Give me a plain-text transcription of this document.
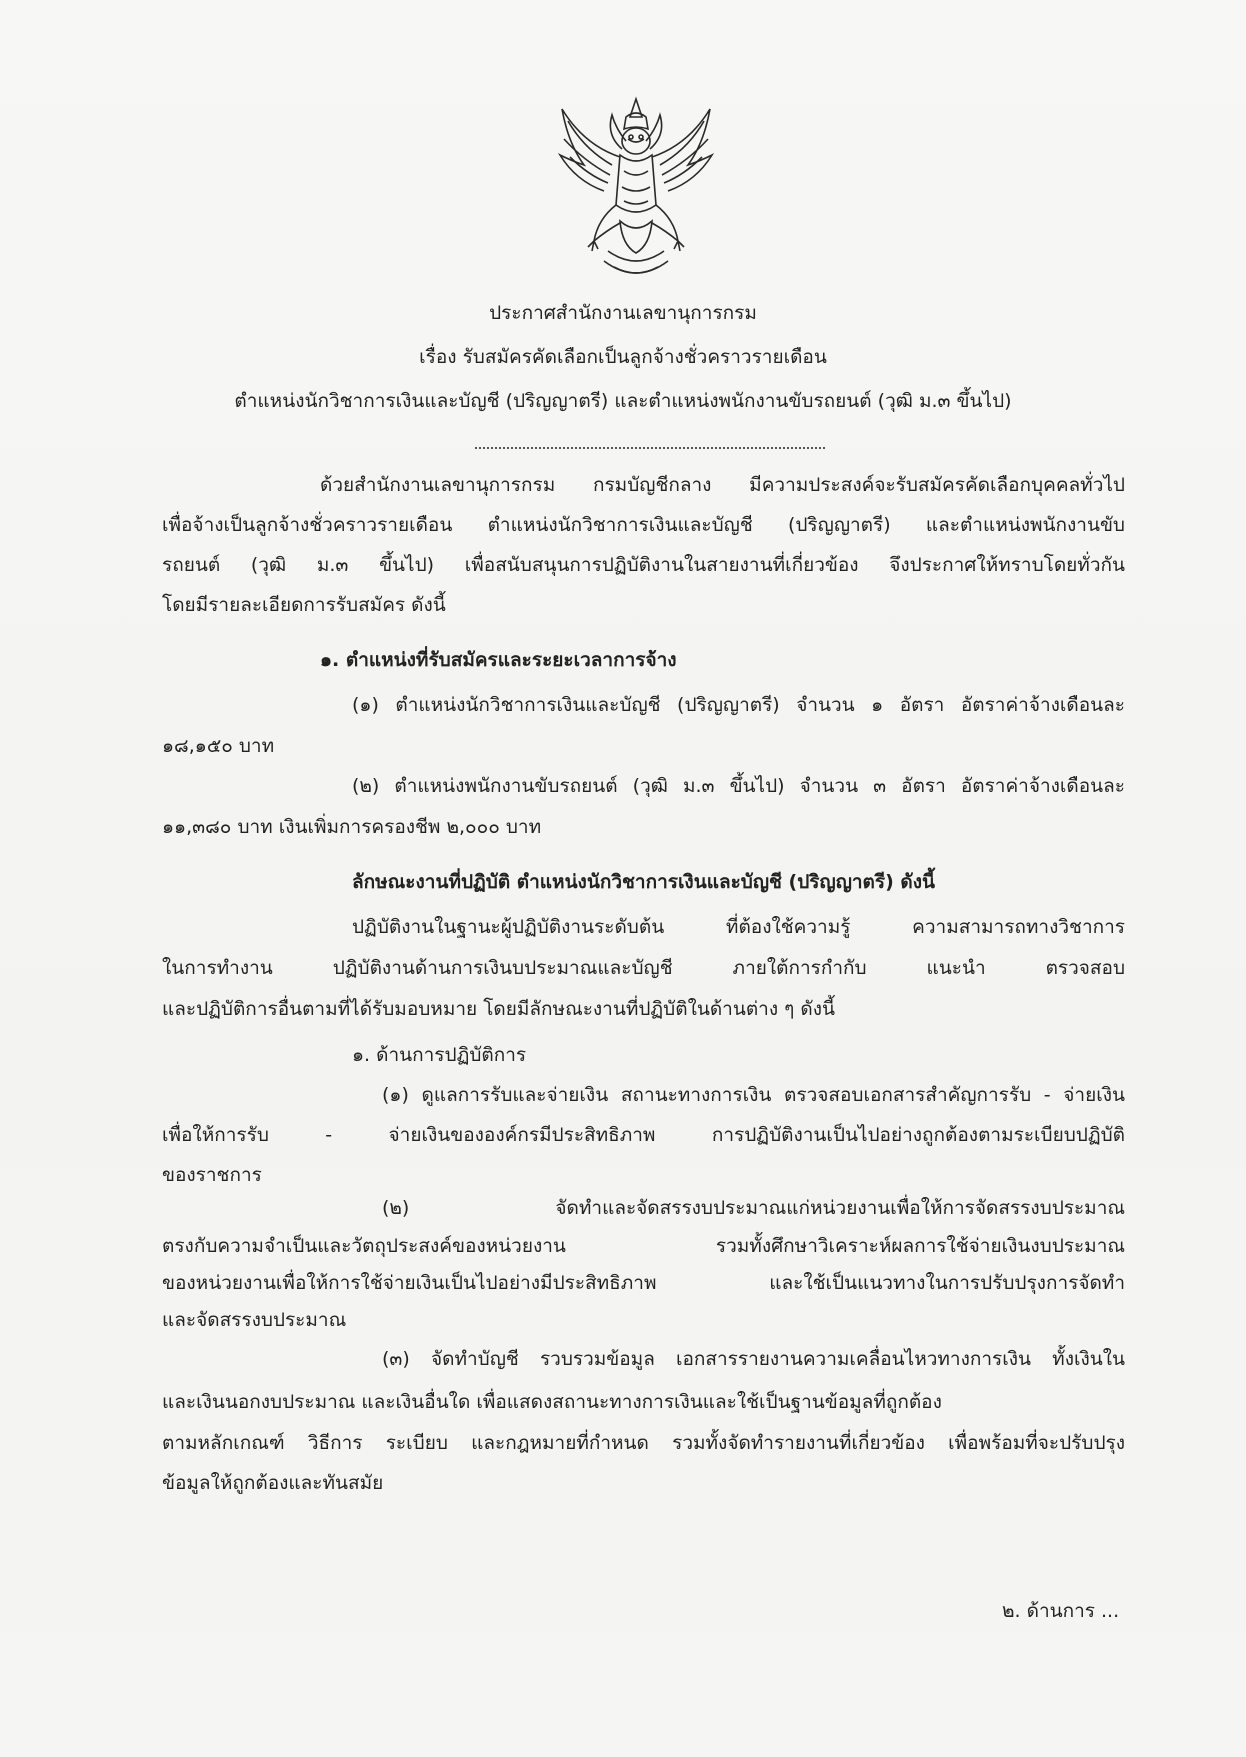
ประกาศสำนักงานเลขานุการกรม
เรื่อง รับสมัครคัดเลือกเป็นลูกจ้างชั่วคราวรายเดือน
ตำแหน่งนักวิชาการเงินและบัญชี (ปริญญาตรี) และตำแหน่งพนักงานขับรถยนต์ (วุฒิ ม.๓ ขึ้นไป)
ด้วยสำนักงานเลขานุการกรม กรมบัญชีกลาง มีความประสงค์จะรับสมัครคัดเลือกบุคคลทั่วไป
เพื่อจ้างเป็นลูกจ้างชั่วคราวรายเดือน ตำแหน่งนักวิชาการเงินและบัญชี (ปริญญาตรี) และตำแหน่งพนักงานขับ
รถยนต์ (วุฒิ ม.๓ ขึ้นไป) เพื่อสนับสนุนการปฏิบัติงานในสายงานที่เกี่ยวข้อง จึงประกาศให้ทราบโดยทั่วกัน
โดยมีรายละเอียดการรับสมัคร ดังนี้
๑. ตำแหน่งที่รับสมัครและระยะเวลาการจ้าง
(๑) ตำแหน่งนักวิชาการเงินและบัญชี (ปริญญาตรี) จำนวน ๑ อัตรา อัตราค่าจ้างเดือนละ
๑๘,๑๕๐ บาท
(๒) ตำแหน่งพนักงานขับรถยนต์ (วุฒิ ม.๓ ขึ้นไป) จำนวน ๓ อัตรา อัตราค่าจ้างเดือนละ
๑๑,๓๘๐ บาท เงินเพิ่มการครองชีพ ๒,๐๐๐ บาท
ลักษณะงานที่ปฏิบัติ ตำแหน่งนักวิชาการเงินและบัญชี (ปริญญาตรี) ดังนี้
ปฏิบัติงานในฐานะผู้ปฏิบัติงานระดับต้น ที่ต้องใช้ความรู้ ความสามารถทางวิชาการ
ในการทำงาน ปฏิบัติงานด้านการเงินบประมาณและบัญชี ภายใต้การกำกับ แนะนำ ตรวจสอบ
และปฏิบัติการอื่นตามที่ได้รับมอบหมาย โดยมีลักษณะงานที่ปฏิบัติในด้านต่าง ๆ ดังนี้
๑. ด้านการปฏิบัติการ
(๑) ดูแลการรับและจ่ายเงิน สถานะทางการเงิน ตรวจสอบเอกสารสำคัญการรับ - จ่ายเงิน
เพื่อให้การรับ - จ่ายเงินขององค์กรมีประสิทธิภาพ การปฏิบัติงานเป็นไปอย่างถูกต้องตามระเบียบปฏิบัติ
ของราชการ
(๒) จัดทำและจัดสรรงบประมาณแก่หน่วยงานเพื่อให้การจัดสรรงบประมาณ
ตรงกับความจำเป็นและวัตถุประสงค์ของหน่วยงาน รวมทั้งศึกษาวิเคราะห์ผลการใช้จ่ายเงินงบประมาณ
ของหน่วยงานเพื่อให้การใช้จ่ายเงินเป็นไปอย่างมีประสิทธิภาพ และใช้เป็นแนวทางในการปรับปรุงการจัดทำ
และจัดสรรงบประมาณ
(๓) จัดทำบัญชี รวบรวมข้อมูล เอกสารรายงานความเคลื่อนไหวทางการเงิน ทั้งเงินใน
และเงินนอกงบประมาณ และเงินอื่นใด เพื่อแสดงสถานะทางการเงินและใช้เป็นฐานข้อมูลที่ถูกต้อง
ตามหลักเกณฑ์ วิธีการ ระเบียบ และกฎหมายที่กำหนด รวมทั้งจัดทำรายงานที่เกี่ยวข้อง เพื่อพร้อมที่จะปรับปรุง
ข้อมูลให้ถูกต้องและทันสมัย
๒. ด้านการ ...
